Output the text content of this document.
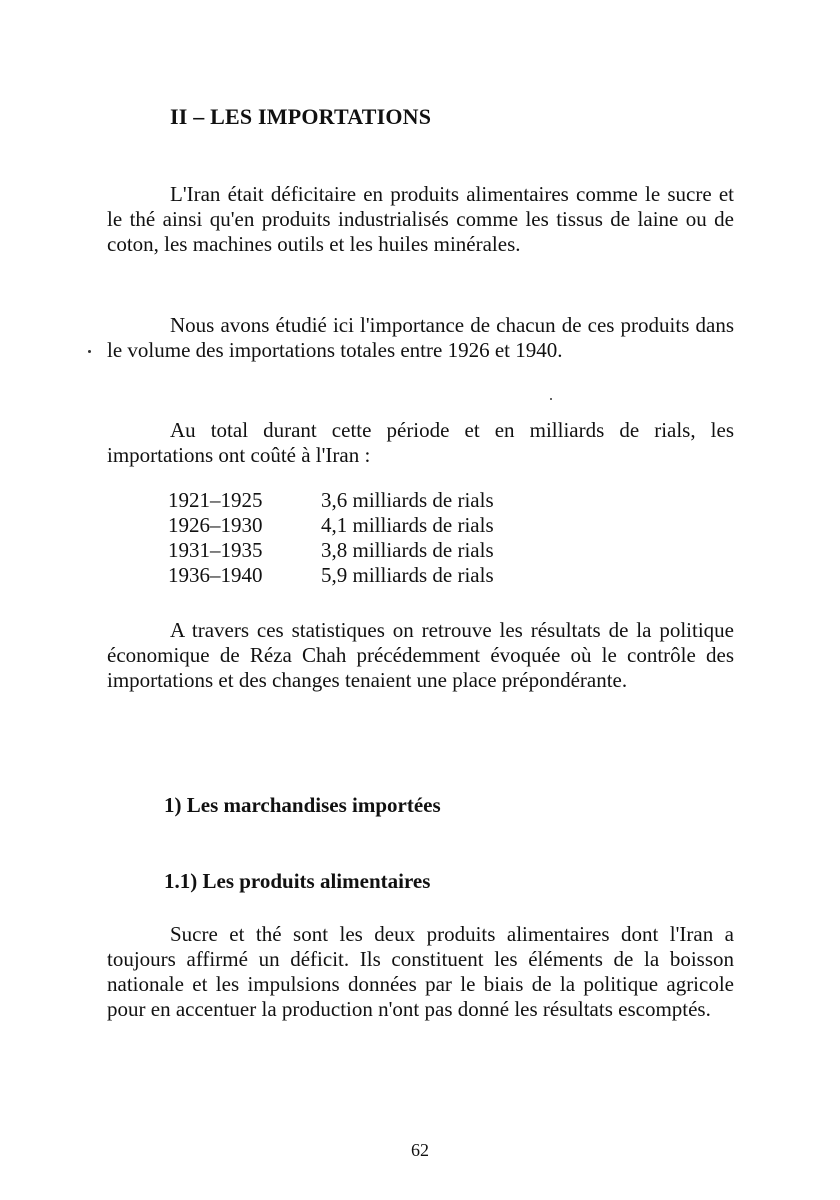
II – LES IMPORTATIONS

L'Iran était déficitaire en produits alimentaires comme le sucre et le thé ainsi qu'en produits industrialisés comme les tissus de laine ou de coton, les machines outils et les huiles minérales.

Nous avons étudié ici l'importance de chacun de ces produits dans le volume des importations totales entre 1926 et 1940.

Au total durant cette période et en milliards de rials, les importations ont coûté à l'Iran :

1921–1925	3,6 milliards de rials
1926–1930	4,1 milliards de rials
1931–1935	3,8 milliards de rials
1936–1940	5,9 milliards de rials

A travers ces statistiques on retrouve les résultats de la politique économique de Réza Chah précédemment évoquée où le contrôle des importations et des changes tenaient une place prépondérante.

1) Les marchandises importées
1.1) Les produits alimentaires

Sucre et thé sont les deux produits alimentaires dont l'Iran a toujours affirmé un déficit. Ils constituent les éléments de la boisson nationale et les impulsions données par le biais de la politique agricole pour en accentuer la production n'ont pas donné les résultats escomptés.

62
